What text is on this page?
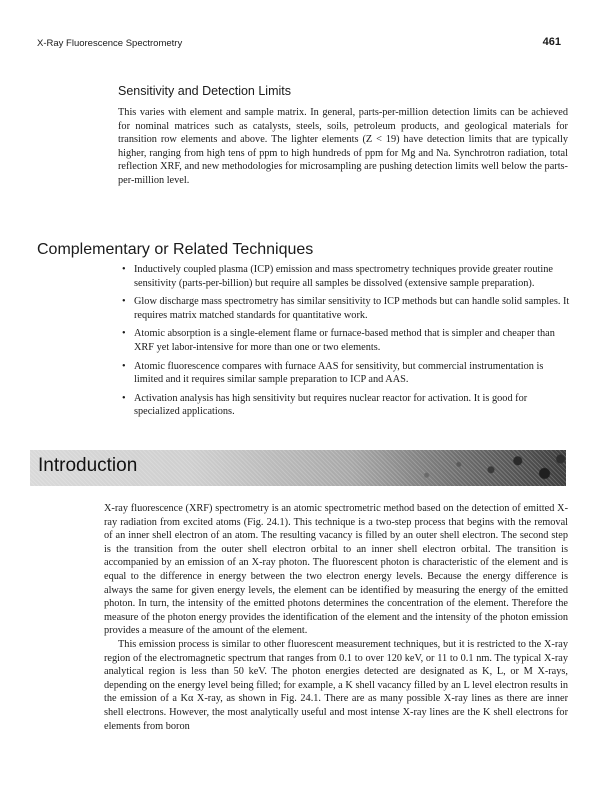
X-Ray Fluorescence Spectrometry	461
Sensitivity and Detection Limits

This varies with element and sample matrix. In general, parts-per-million detection limits can be achieved for nominal matrices such as catalysts, steels, soils, petroleum products, and geological materials for transition row elements and above. The lighter elements (Z < 19) have detection limits that are typically higher, ranging from high tens of ppm to high hundreds of ppm for Mg and Na. Synchrotron radiation, total reflection XRF, and new methodologies for microsampling are pushing detection limits well below the parts-per-million level.

Complementary or Related Techniques
• Inductively coupled plasma (ICP) emission and mass spectrometry techniques provide greater routine sensitivity (parts-per-billion) but require all samples be dissolved (extensive sample preparation).
• Glow discharge mass spectrometry has similar sensitivity to ICP methods but can handle solid samples. It requires matrix matched standards for quantitative work.
• Atomic absorption is a single-element flame or furnace-based method that is simpler and cheaper than XRF yet labor-intensive for more than one or two elements.
• Atomic fluorescence compares with furnace AAS for sensitivity, but commercial instrumentation is limited and it requires similar sample preparation to ICP and AAS.
• Activation analysis has high sensitivity but requires nuclear reactor for activation. It is good for specialized applications.
Introduction

X-ray fluorescence (XRF) spectrometry is an atomic spectrometric method based on the detection of emitted X-ray radiation from excited atoms (Fig. 24.1). This technique is a two-step process that begins with the removal of an inner shell electron of an atom. The resulting vacancy is filled by an outer shell electron. The second step is the transition from the outer shell electron orbital to an inner shell electron orbital. The transition is accompanied by an emission of an X-ray photon. The fluorescent photon is characteristic of the element and is equal to the difference in energy between the two electron energy levels. Because the energy difference is always the same for given energy levels, the element can be identified by measuring the energy of the emitted photon. In turn, the intensity of the emitted photons determines the concentration of the element. Therefore the measure of the photon energy provides the identification of the element and the intensity of the photon emission provides a measure of the amount of the element.

This emission process is similar to other fluorescent measurement techniques, but it is restricted to the X-ray region of the electromagnetic spectrum that ranges from 0.1 to over 120 keV, or 11 to 0.1 nm. The typical X-ray analytical region is less than 50 keV. The photon energies detected are designated as K, L, or M X-rays, depending on the energy level being filled; for example, a K shell vacancy filled by an L level electron results in the emission of a Kα X-ray, as shown in Fig. 24.1. There are as many possible X-ray lines as there are inner shell electrons. However, the most analytically useful and most intense X-ray lines are the K shell electrons for elements from boron
